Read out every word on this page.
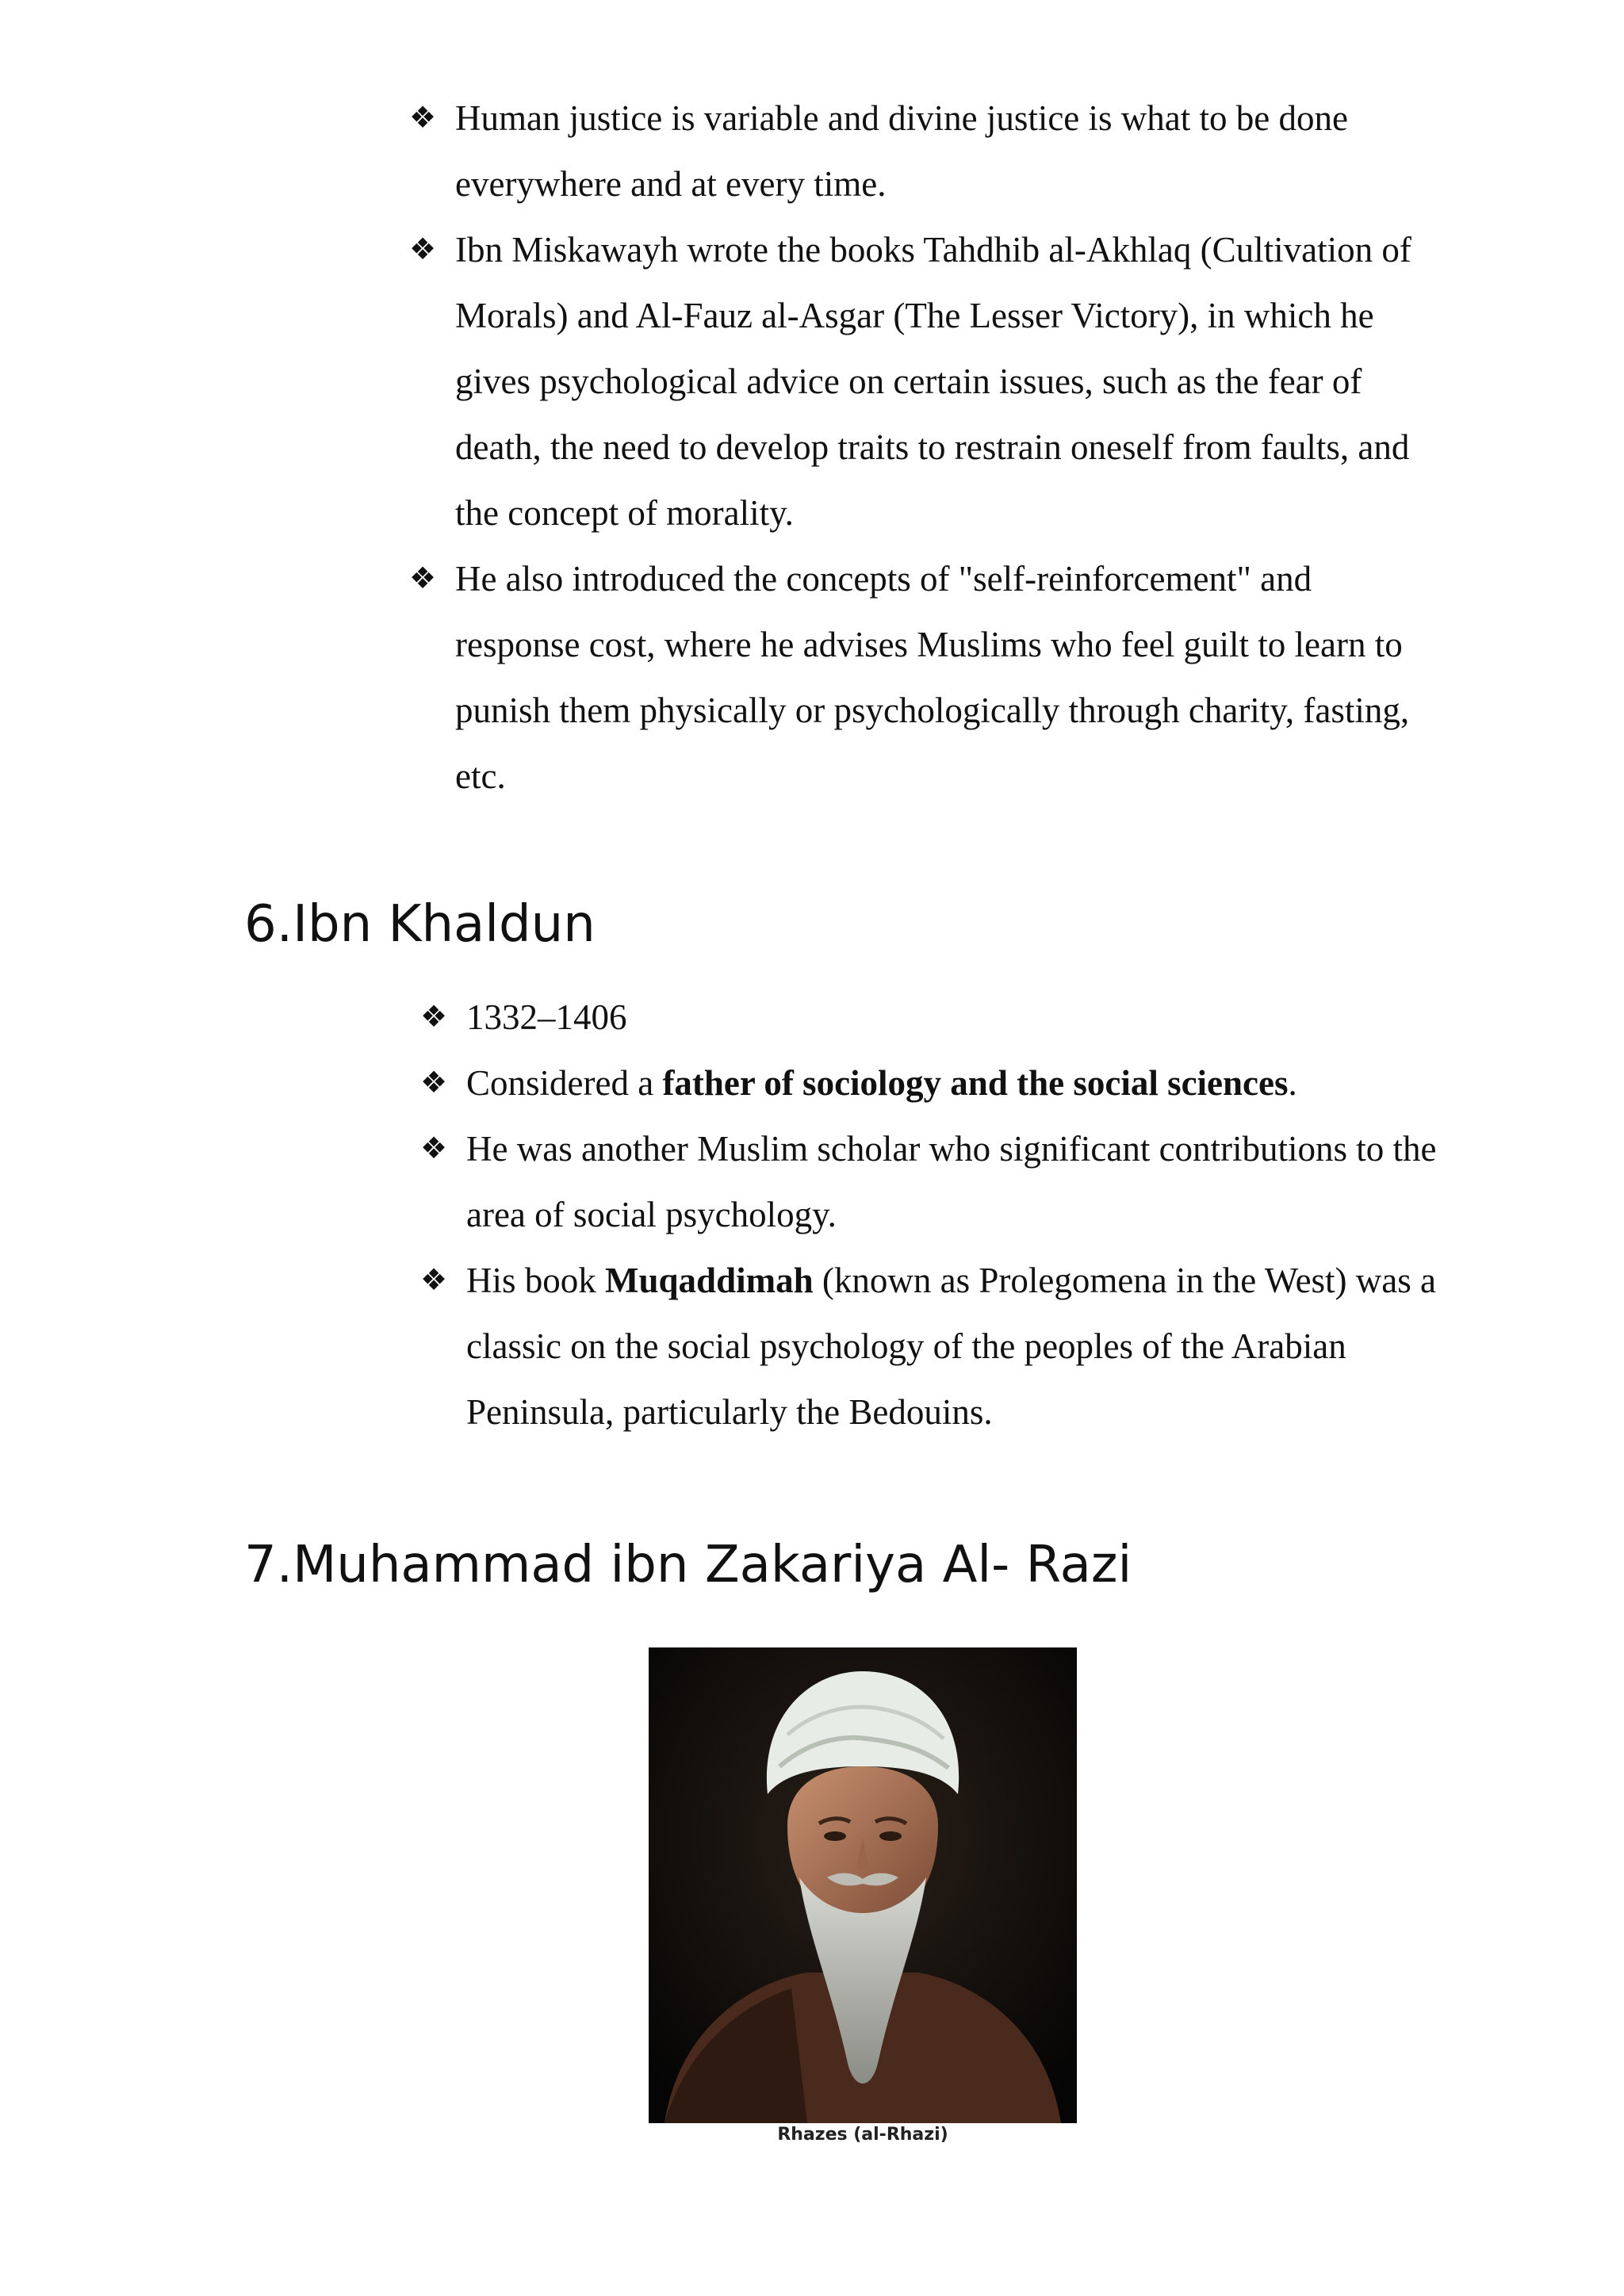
❖ Human justice is variable and divine justice is what to be done everywhere and at every time.
❖ Ibn Miskawayh wrote the books Tahdhib al-Akhlaq (Cultivation of Morals) and Al-Fauz al-Asgar (The Lesser Victory), in which he gives psychological advice on certain issues, such as the fear of death, the need to develop traits to restrain oneself from faults, and the concept of morality.
❖ He also introduced the concepts of "self-reinforcement" and response cost, where he advises Muslims who feel guilt to learn to punish them physically or psychologically through charity, fasting, etc.
6.Ibn Khaldun
❖ 1332–1406
❖ Considered a father of sociology and the social sciences.
❖ He was another Muslim scholar who significant contributions to the area of social psychology.
❖ His book Muqaddimah (known as Prolegomena in the West) was a classic on the social psychology of the peoples of the Arabian Peninsula, particularly the Bedouins.
7.Muhammad ibn Zakariya Al- Razi
Rhazes (al-Rhazi)
